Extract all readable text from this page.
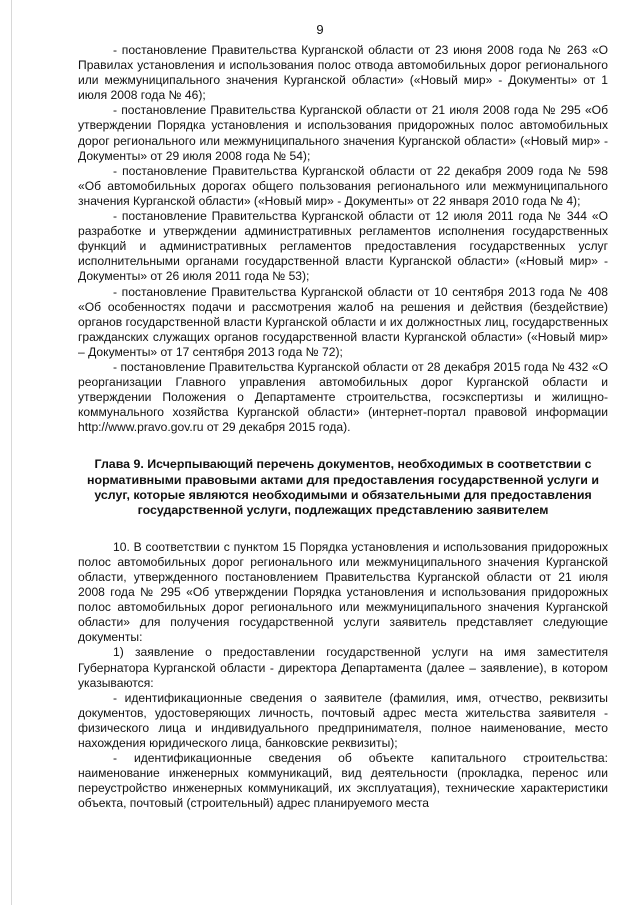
9

- постановление Правительства Курганской области от 23 июня 2008 года № 263 «О Правилах установления и использования полос отвода автомобильных дорог регионального или межмуниципального значения Курганской области» («Новый мир» - Документы» от 1 июля 2008 года № 46);

- постановление Правительства Курганской области от 21 июля 2008 года № 295 «Об утверждении Порядка установления и использования придорожных полос автомобильных дорог регионального или межмуниципального значения Курганской области» («Новый мир» - Документы» от 29 июля 2008 года № 54);

- постановление Правительства Курганской области от 22 декабря 2009 года № 598 «Об автомобильных дорогах общего пользования регионального или межмуниципального значения Курганской области» («Новый мир» - Документы» от 22 января 2010 года № 4);

- постановление Правительства Курганской области от 12 июля 2011 года № 344 «О разработке и утверждении административных регламентов исполнения государственных функций и административных регламентов предоставления государственных услуг исполнительными органами государственной власти Курганской области» («Новый мир» - Документы» от 26 июля 2011 года № 53);

- постановление Правительства Курганской области от 10 сентября 2013 года № 408 «Об особенностях подачи и рассмотрения жалоб на решения и действия (бездействие) органов государственной власти Курганской области и их должностных лиц, государственных гражданских служащих органов государственной власти Курганской области» («Новый мир» – Документы» от 17 сентября 2013 года № 72);

- постановление Правительства Курганской области от 28 декабря 2015 года № 432 «О реорганизации Главного управления автомобильных дорог Курганской области и утверждении Положения о Департаменте строительства, госэкспертизы и жилищно-коммунального хозяйства Курганской области» (интернет-портал правовой информации http://www.pravo.gov.ru от 29 декабря 2015 года).

Глава 9. Исчерпывающий перечень документов, необходимых в соответствии с нормативными правовыми актами для предоставления государственной услуги и услуг, которые являются необходимыми и обязательными для предоставления государственной услуги, подлежащих представлению заявителем

10. В соответствии с пунктом 15 Порядка установления и использования придорожных полос автомобильных дорог регионального или межмуниципального значения Курганской области, утвержденного постановлением Правительства Курганской области от 21 июля 2008 года № 295 «Об утверждении Порядка установления и использования придорожных полос автомобильных дорог регионального или межмуниципального значения Курганской области» для получения государственной услуги заявитель представляет следующие документы:

1) заявление о предоставлении государственной услуги на имя заместителя Губернатора Курганской области - директора Департамента (далее – заявление), в котором указываются:

- идентификационные сведения о заявителе (фамилия, имя, отчество, реквизиты документов, удостоверяющих личность, почтовый адрес места жительства заявителя - физического лица и индивидуального предпринимателя, полное наименование, место нахождения юридического лица, банковские реквизиты);

- идентификационные сведения об объекте капитального строительства: наименование инженерных коммуникаций, вид деятельности (прокладка, перенос или переустройство инженерных коммуникаций, их эксплуатация), технические характеристики объекта, почтовый (строительный) адрес планируемого места
